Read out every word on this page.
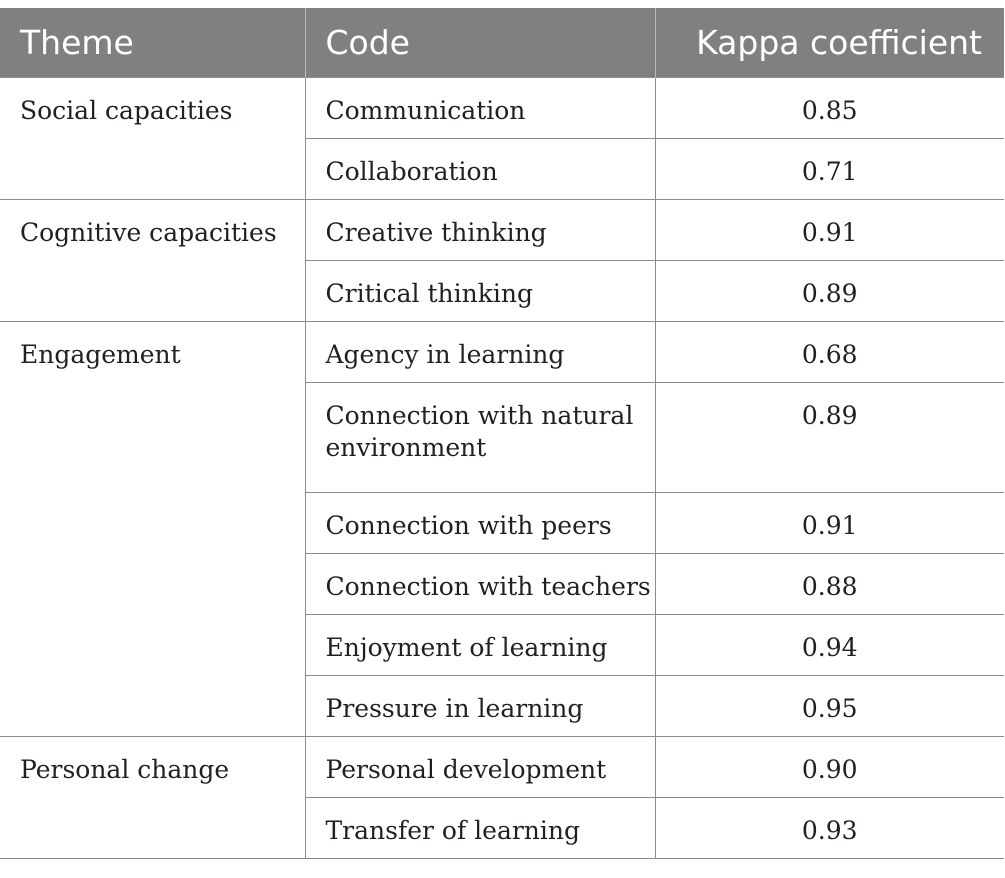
Theme	Code	Kappa coefficient
Social capacities	Communication	0.85
	Collaboration	0.71
Cognitive capacities	Creative thinking	0.91
	Critical thinking	0.89
Engagement	Agency in learning	0.68
	Connection with natural environment	0.89
	Connection with peers	0.91
	Connection with teachers	0.88
	Enjoyment of learning	0.94
	Pressure in learning	0.95
Personal change	Personal development	0.90
	Transfer of learning	0.93
